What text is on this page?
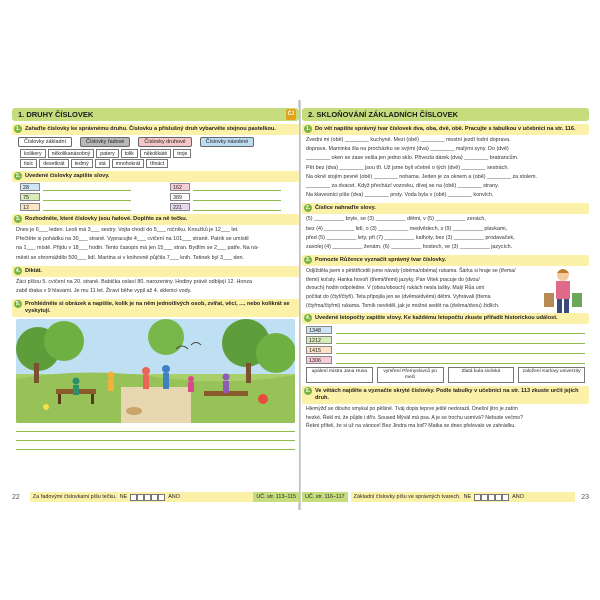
1. DRUHY ČÍSLOVEK	ČJ
1. Zařaďte číslovky ke správnému druhu. Číslovku a příslušný druh vybarvěte stejnou pastelkou.
Číslovky základní	Číslovky řadové	Číslovky druhové	Číslovky násobné
kolikery	několikanásobný	patery	tolik	několikáté	troje
tisíc	desetkrát	tedmý	stá	mnohokrát	třináct
2. Uvedené číslovky zapište slovy.
28
75
12
162
389
221
3. Rozhodněte, které číslovky jsou řadové. Doplňte za ně tečku.
Dnes je 6___ leden. Leoš má 3___ sestry. Vojta chodí do 5___ ročníku. Kroužků je 12___ let.
Přečtěte si pohádku na 30___ straně. Vypracujte 4___ cvičení na 101___ straně. Patrik se umístil
na 1___ místě. Přijdu v 18___ hodin. Tento časopis má jen 15___ stran. Bydlím se 2___ patře. Na ná-
městí se shromáždilo 500___ lidí. Martina si v knihovně půjčila 7___ knih. Tetinek byl 3___ den.
4. Diktát.
Žáci píšou 5. cvičení na 20. straně. Babička oslaví 80. narozeniny. Hodiny právě odbíjejí 12. Honza
zabil draka v 9 hlavami. Je mu 11 let. Žiraví běhe vypil až 4. sklenici vody.
5. Prohlédněte si obrázek a napište, kolik je na něm jednotlivých osob, zvířat, věcí, ..., nebo kolikrát se vyskytují.
22 Za řadovými číslovkami píšu tečku. NE	ANO	UČ. str. 113–115
2. SKLOŇOVÁNÍ ZÁKLADNÍCH ČÍSLOVEK
1. Do vět napište správný tvar číslovek dva, oba, dvě, obě. Pracujte s tabulkou v učebnici na str. 116.
Zvedni mi (obě) ________ kuchyně. Mezi (obě) ________ mostní jezdí lodní doprava.
doprava. Maminka šla na procházku se svými (dva) ________ malými syny. Do (dvě)
________ oken se zase vešla jen jedno sklo. Přivezla dárek (dva) ________ bratrancům.
Pět bez (dva) ________ jsou tři. Už jsme byli včetně o tých (dvě) ________ sestrách.
Na okně stojím pevně (obě) ________ nohama. Jeden je za oknem a (obě) ________ za stolem.
________ za dvacet. Když přechází vozovku, dívej se na (obě) ________ strany.
Na klavesnici píše (dva) ________ prsty. Voda byla v (obě) ________ konvích.
2. Číslice nahraďte slovy.
(5) __________ bryle, se (3) __________ dětmi, v (5) __________ zenách,
bez (4) __________ lidí, o (3) __________ medvědech, s (9) __________ plavkami,
před (5) __________ lety, při (7) __________ kalhoty, bez (3) __________ prodavaček,
zavolej (4) __________ ženám, (6) __________ hostech, ve (3) __________ jazycích.
3. Pomozte Růžence vyznačit správný tvar číslovky.
Odjížděla jsem s pětětřicetili jsme návaly (obéma/obéma) rukama. Šárka si hraje se (třema/
třemi) koťaty. Hanka hovoří (třemi/třemi) jazyky. Pan Vitek pracuje do (dvou/
dvouch) hodin odpoledne. V (obou/obouch) rukách nesla tašky. Malý Růa umí
počítat do (čtyř/čtyři). Teta připojila jen se (dvěma/dvěmi) dětmi. Vyhrávali (třema
(čtyřma/čtyřmi) rukama. Tomík nevěděl, jak je možné sedět na (dvěma/dvou) židlích.
4. Uvedené letopočty zapište slovy. Ke každému letopočtu zkuste přiřadit historickou událost.
1348
1212
1415
1306
upálení mistra Jana Husa	vymření Přemyslovců po meči
Zlatá bula sicilská	založení Karlovy univerzity
5. Ve větách najděte a vyznačte skryté číslovky. Podle tabulky v učebnici na str. 113 zkuste určit jejich druh.
Hlemýžď se dlouho smykal po pěšině. Tváj dopis teprve ještě nedorazil. Dnešní jitro je zatím
hezké. Řekl mi, že půjde i dřív. Soused Mývál má psa. A je se trochu usmívá? Nebude večmo?
Řekni příteli, že si už na vánoce! Bez Jindra ma loď? Matka se dnes přelevalo ve zahrádku.
UČ. str. 116–117	Základní číslovky píšu ve správných tvarech. NE	ANO	23
